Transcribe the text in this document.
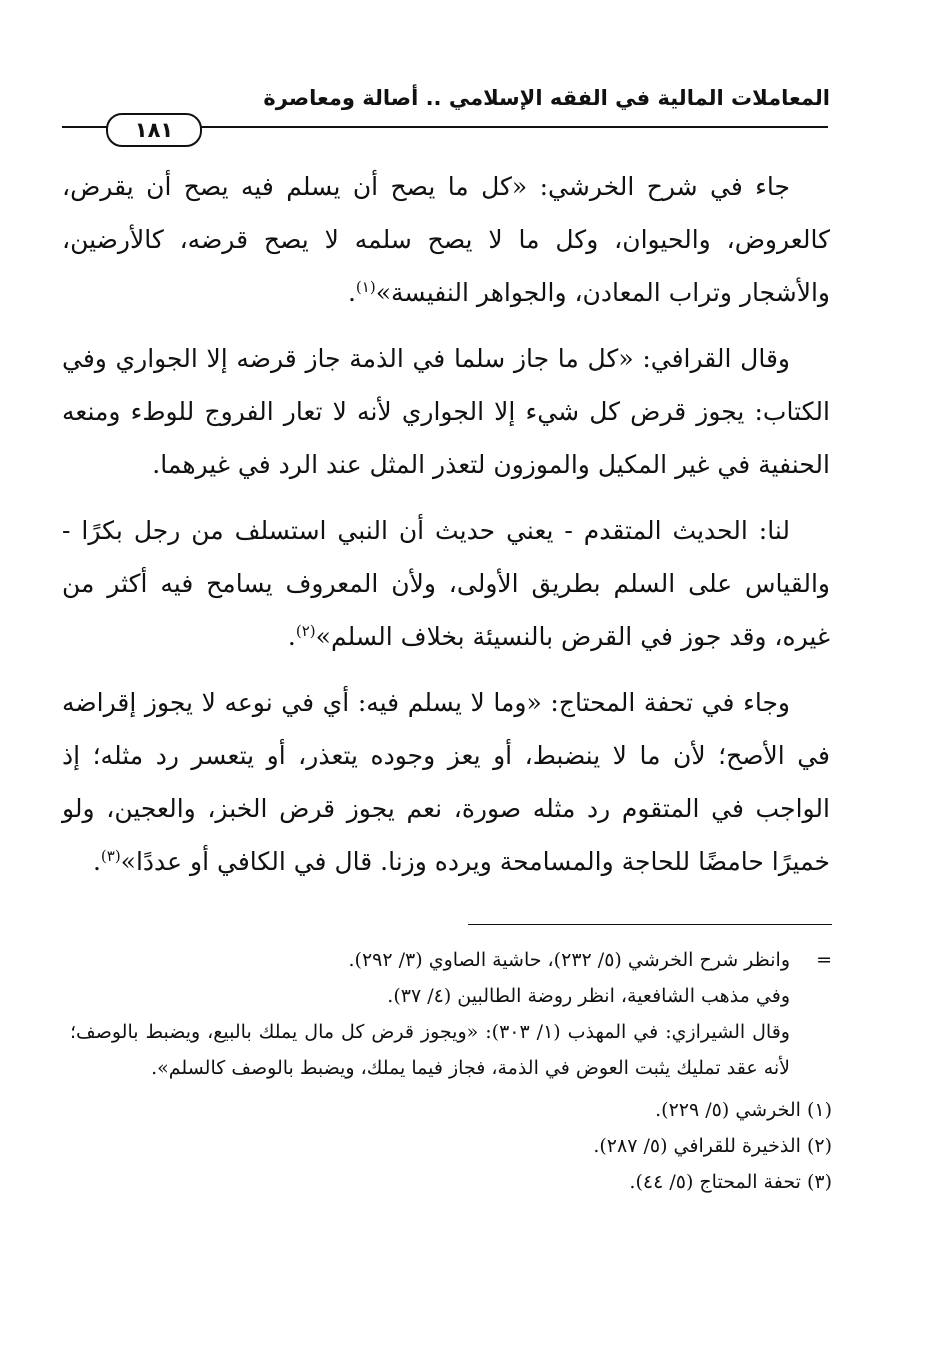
المعاملات المالية في الفقه الإسلامي .. أصالة ومعاصرة
١٨١

جاء في شرح الخرشي: «كل ما يصح أن يسلم فيه يصح أن يقرض، كالعروض، والحيوان، وكل ما لا يصح سلمه لا يصح قرضه، كالأرضين، والأشجار وتراب المعادن، والجواهر النفيسة»$^{(١)}$.

وقال القرافي: «كل ما جاز سلما في الذمة جاز قرضه إلا الجواري وفي الكتاب: يجوز قرض كل شيء إلا الجواري لأنه لا تعار الفروج للوطء ومنعه الحنفية في غير المكيل والموزون لتعذر المثل عند الرد في غيرهما.

لنا: الحديث المتقدم - يعني حديث أن النبي استسلف من رجل بكرًا - والقياس على السلم بطريق الأولى، ولأن المعروف يسامح فيه أكثر من غيره، وقد جوز في القرض بالنسيئة بخلاف السلم»$^{(٢)}$.

وجاء في تحفة المحتاج: «وما لا يسلم فيه: أي في نوعه لا يجوز إقراضه في الأصح؛ لأن ما لا ينضبط، أو يعز وجوده يتعذر، أو يتعسر رد مثله؛ إذ الواجب في المتقوم رد مثله صورة، نعم يجوز قرض الخبز، والعجين، ولو خميرًا حامضًا للحاجة والمسامحة ويرده وزنا. قال في الكافي أو عددًا»$^{(٣)}$.

=

وانظر شرح الخرشي (٥/ ٢٣٢)، حاشية الصاوي (٣/ ٢٩٢).

وفي مذهب الشافعية، انظر روضة الطالبين (٤/ ٣٧).

وقال الشيرازي: في المهذب (١/ ٣٠٣): «ويجوز قرض كل مال يملك بالبيع، ويضبط بالوصف؛ لأنه عقد تمليك يثبت العوض في الذمة، فجاز فيما يملك، ويضبط بالوصف كالسلم».

(١) الخرشي (٥/ ٢٢٩).

(٢) الذخيرة للقرافي (٥/ ٢٨٧).

(٣) تحفة المحتاج (٥/ ٤٤).
